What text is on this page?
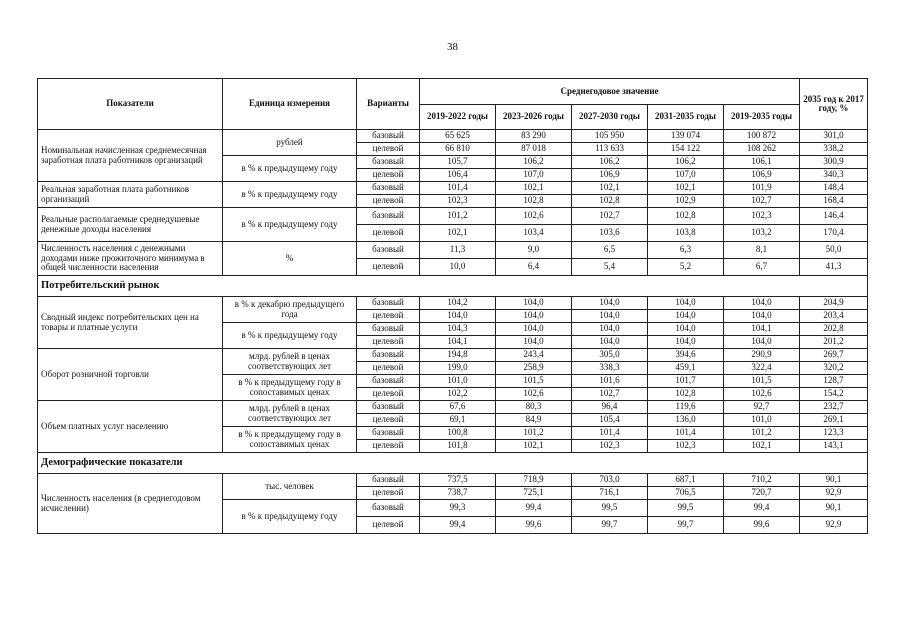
38
Показатели	Единица измерения	Варианты	Среднегодовое значение					2035 год к 2017 году, %
			2019-2022 годы	2023-2026 годы	2027-2030 годы	2031-2035 годы	2019-2035 годы	
Номинальная начисленная среднемесячная заработная плата работников организаций	рублей	базовый	65 625	83 290	105 950	139 074	100 872	301,0
		целевой	66 810	87 018	113 633	154 122	108 262	338,2
	в % к предыдущему году	базовый	105,7	106,2	106,2	106,2	106,1	300,9
		целевой	106,4	107,0	106,9	107,0	106,9	340,3
Реальная заработная плата работников организаций	в % к предыдущему году	базовый	101,4	102,1	102,1	102,1	101,9	148,4
		целевой	102,3	102,8	102,8	102,9	102,7	168,4
Реальные располагаемые среднедушевые денежные доходы населения	в % к предыдущему году	базовый	101,2	102,6	102,7	102,8	102,3	146,4
		целевой	102,1	103,4	103,6	103,8	103,2	170,4
Численность населения с денежными доходами ниже прожиточного минимума в общей численности населения	%	базовый	11,3	9,0	6,5	6,3	8,1	50,0
		целевой	10,0	6,4	5,4	5,2	6,7	41,3
Потребительский рынок								
Сводный индекс потребительских цен на товары и платные услуги	в % к декабрю предыдущего года	базовый	104,2	104,0	104,0	104,0	104,0	204,9
		целевой	104,0	104,0	104,0	104,0	104,0	203,4
	в % к предыдущему году	базовый	104,3	104,0	104,0	104,0	104,1	202,8
		целевой	104,1	104,0	104,0	104,0	104,0	201,2
Оборот розничной торговли	млрд. рублей в ценах соответствующих лет	базовый	194,8	243,4	305,0	394,6	290,9	269,7
		целевой	199,0	258,9	338,3	459,1	322,4	320,2
	в % к предыдущему году в сопоставимых ценах	базовый	101,0	101,5	101,6	101,7	101,5	128,7
		целевой	102,2	102,6	102,7	102,8	102,6	154,2
Объем платных услуг населению	млрд. рублей в ценах соответствующих лет	базовый	67,6	80,3	96,4	119,6	92,7	232,7
		целевой	69,1	84,9	105,4	136,0	101,0	269,1
	в % к предыдущему году в сопоставимых ценах	базовый	100,8	101,2	101,4	101,4	101,2	123,3
		целевой	101,8	102,1	102,3	102,3	102,1	143,1
Демографические показатели								
Численность населения (в среднегодовом исчислении)	тыс. человек	базовый	737,5	718,9	703,0	687,1	710,2	90,1
		целевой	738,7	725,1	716,1	706,5	720,7	92,9
	в % к предыдущему году	базовый	99,3	99,4	99,5	99,5	99,4	90,1
		целевой	99,4	99,6	99,7	99,7	99,6	92,9
